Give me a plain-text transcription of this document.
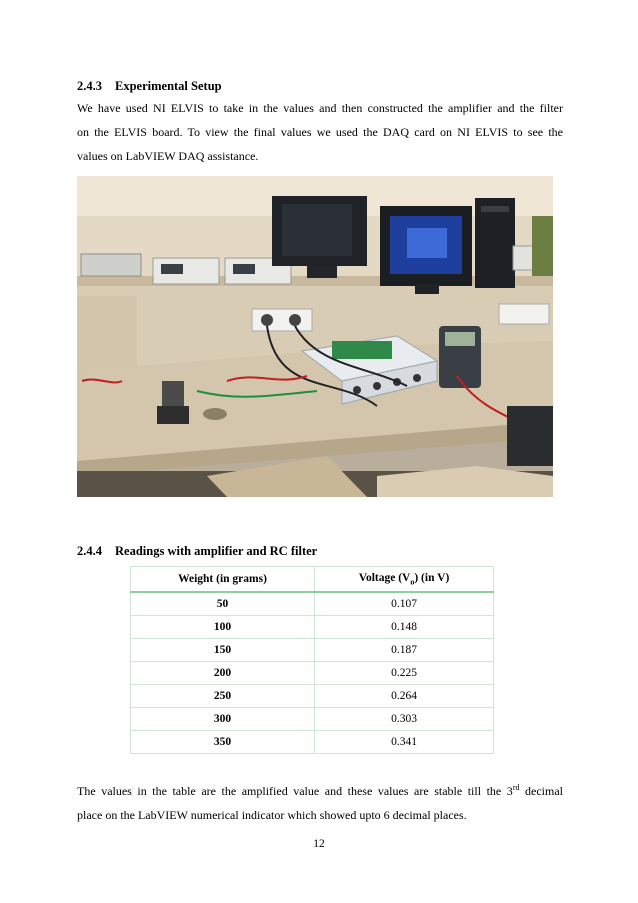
2.4.3 Experimental Setup
We have used NI ELVIS to take in the values and then constructed the amplifier and the filter
on the ELVIS board. To view the final values we used the DAQ card on NI ELVIS to see the
values on LabVIEW DAQ assistance.
2.4.4 Readings with amplifier and RC filter
Weight (in grams)	Voltage $(V_o)$ (in V)
50	0.107
100	0.148
150	0.187
200	0.225
250	0.264
300	0.303
350	0.341
The values in the table are the amplified value and these values are stable till the 3rd decimal
place on the LabVIEW numerical indicator which showed upto 6 decimal places.
12
